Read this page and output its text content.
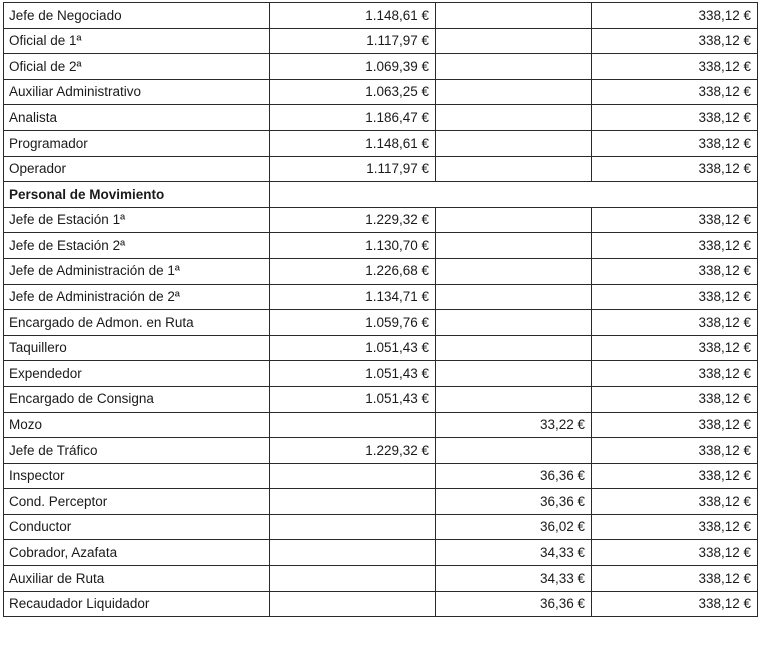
Jefe de Negociado	1.148,61 €		338,12 €
Oficial de 1ª	1.117,97 €		338,12 €
Oficial de 2ª	1.069,39 €		338,12 €
Auxiliar Administrativo	1.063,25 €		338,12 €
Analista	1.186,47 €		338,12 €
Programador	1.148,61 €		338,12 €
Operador	1.117,97 €		338,12 €
Personal de Movimiento			
Jefe de Estación 1ª	1.229,32 €		338,12 €
Jefe de Estación 2ª	1.130,70 €		338,12 €
Jefe de Administración de 1ª	1.226,68 €		338,12 €
Jefe de Administración de 2ª	1.134,71 €		338,12 €
Encargado de Admon. en Ruta	1.059,76 €		338,12 €
Taquillero	1.051,43 €		338,12 €
Expendedor	1.051,43 €		338,12 €
Encargado de Consigna	1.051,43 €		338,12 €
Mozo		33,22 €	338,12 €
Jefe de Tráfico	1.229,32 €		338,12 €
Inspector		36,36 €	338,12 €
Cond. Perceptor		36,36 €	338,12 €
Conductor		36,02 €	338,12 €
Cobrador, Azafata		34,33 €	338,12 €
Auxiliar de Ruta		34,33 €	338,12 €
Recaudador Liquidador		36,36 €	338,12 €
